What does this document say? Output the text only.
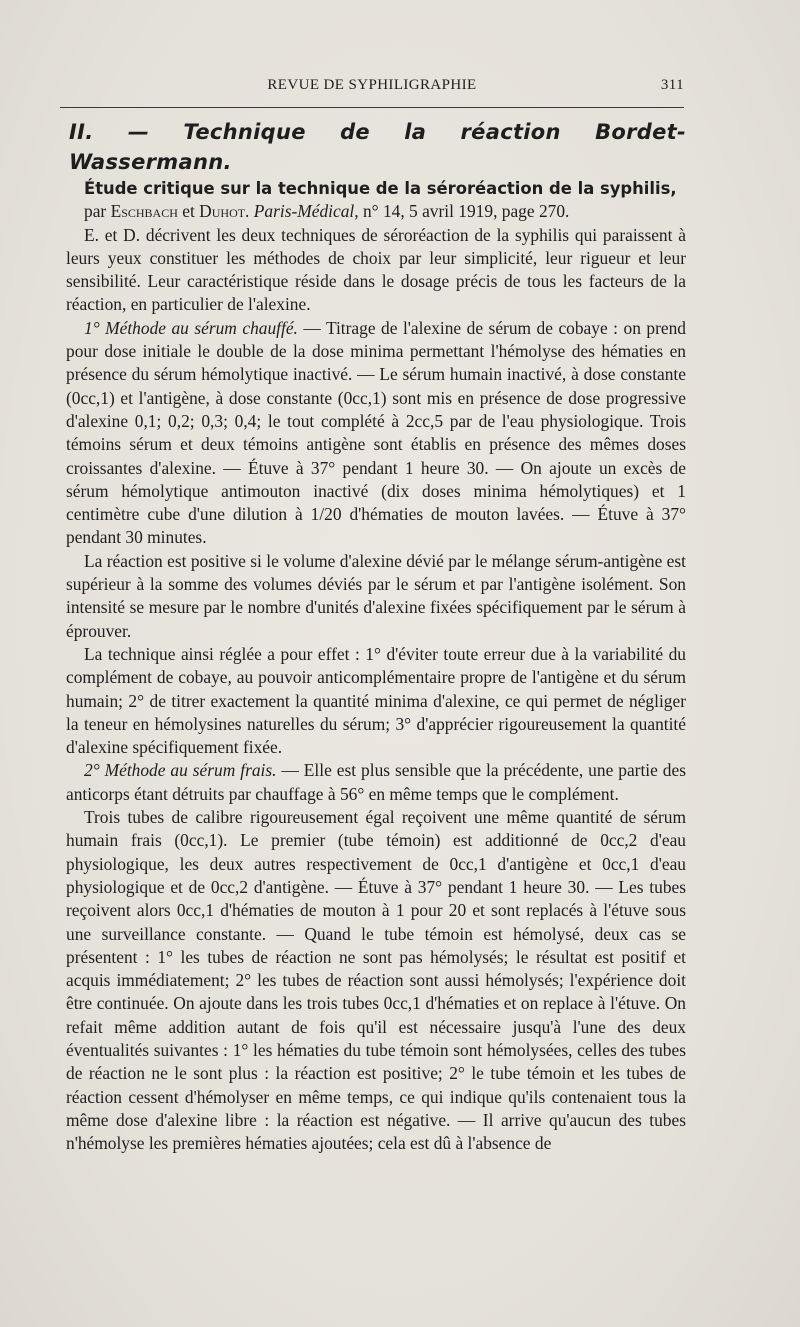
REVUE DE SYPHILIGRAPHIE	311
II. — Technique de la réaction Bordet-Wassermann.

Étude critique sur la technique de la séroréaction de la syphilis,

par Eschbach et Duhot. Paris-Médical, n° 14, 5 avril 1919, page 270.

E. et D. décrivent les deux techniques de séroréaction de la syphilis qui paraissent à leurs yeux constituer les méthodes de choix par leur simplicité, leur rigueur et leur sensibilité. Leur caractéristique réside dans le dosage précis de tous les facteurs de la réaction, en particulier de l'alexine.

1° Méthode au sérum chauffé. — Titrage de l'alexine de sérum de cobaye : on prend pour dose initiale le double de la dose minima permettant l'hémolyse des hématies en présence du sérum hémolytique inactivé. — Le sérum humain inactivé, à dose constante (0cc,1) et l'antigène, à dose constante (0cc,1) sont mis en présence de dose progressive d'alexine 0,1; 0,2; 0,3; 0,4; le tout complété à 2cc,5 par de l'eau physiologique. Trois témoins sérum et deux témoins antigène sont établis en présence des mêmes doses croissantes d'alexine. — Étuve à 37° pendant 1 heure 30. — On ajoute un excès de sérum hémolytique antimouton inactivé (dix doses minima hémolytiques) et 1 centimètre cube d'une dilution à 1/20 d'hématies de mouton lavées. — Étuve à 37° pendant 30 minutes.

La réaction est positive si le volume d'alexine dévié par le mélange sérum-antigène est supérieur à la somme des volumes déviés par le sérum et par l'antigène isolément. Son intensité se mesure par le nombre d'unités d'alexine fixées spécifiquement par le sérum à éprouver.

La technique ainsi réglée a pour effet : 1° d'éviter toute erreur due à la variabilité du complément de cobaye, au pouvoir anticomplémentaire propre de l'antigène et du sérum humain; 2° de titrer exactement la quantité minima d'alexine, ce qui permet de négliger la teneur en hémolysines naturelles du sérum; 3° d'apprécier rigoureusement la quantité d'alexine spécifiquement fixée.

2° Méthode au sérum frais. — Elle est plus sensible que la précédente, une partie des anticorps étant détruits par chauffage à 56° en même temps que le complément.

Trois tubes de calibre rigoureusement égal reçoivent une même quantité de sérum humain frais (0cc,1). Le premier (tube témoin) est additionné de 0cc,2 d'eau physiologique, les deux autres respectivement de 0cc,1 d'antigène et 0cc,1 d'eau physiologique et de 0cc,2 d'antigène. — Étuve à 37° pendant 1 heure 30. — Les tubes reçoivent alors 0cc,1 d'hématies de mouton à 1 pour 20 et sont replacés à l'étuve sous une surveillance constante. — Quand le tube témoin est hémolysé, deux cas se présentent : 1° les tubes de réaction ne sont pas hémolysés; le résultat est positif et acquis immédiatement; 2° les tubes de réaction sont aussi hémolysés; l'expérience doit être continuée. On ajoute dans les trois tubes 0cc,1 d'hématies et on replace à l'étuve. On refait même addition autant de fois qu'il est nécessaire jusqu'à l'une des deux éventualités suivantes : 1° les hématies du tube témoin sont hémolysées, celles des tubes de réaction ne le sont plus : la réaction est positive; 2° le tube témoin et les tubes de réaction cessent d'hémolyser en même temps, ce qui indique qu'ils contenaient tous la même dose d'alexine libre : la réaction est négative. — Il arrive qu'aucun des tubes n'hémolyse les premières hématies ajoutées; cela est dû à l'absence de
